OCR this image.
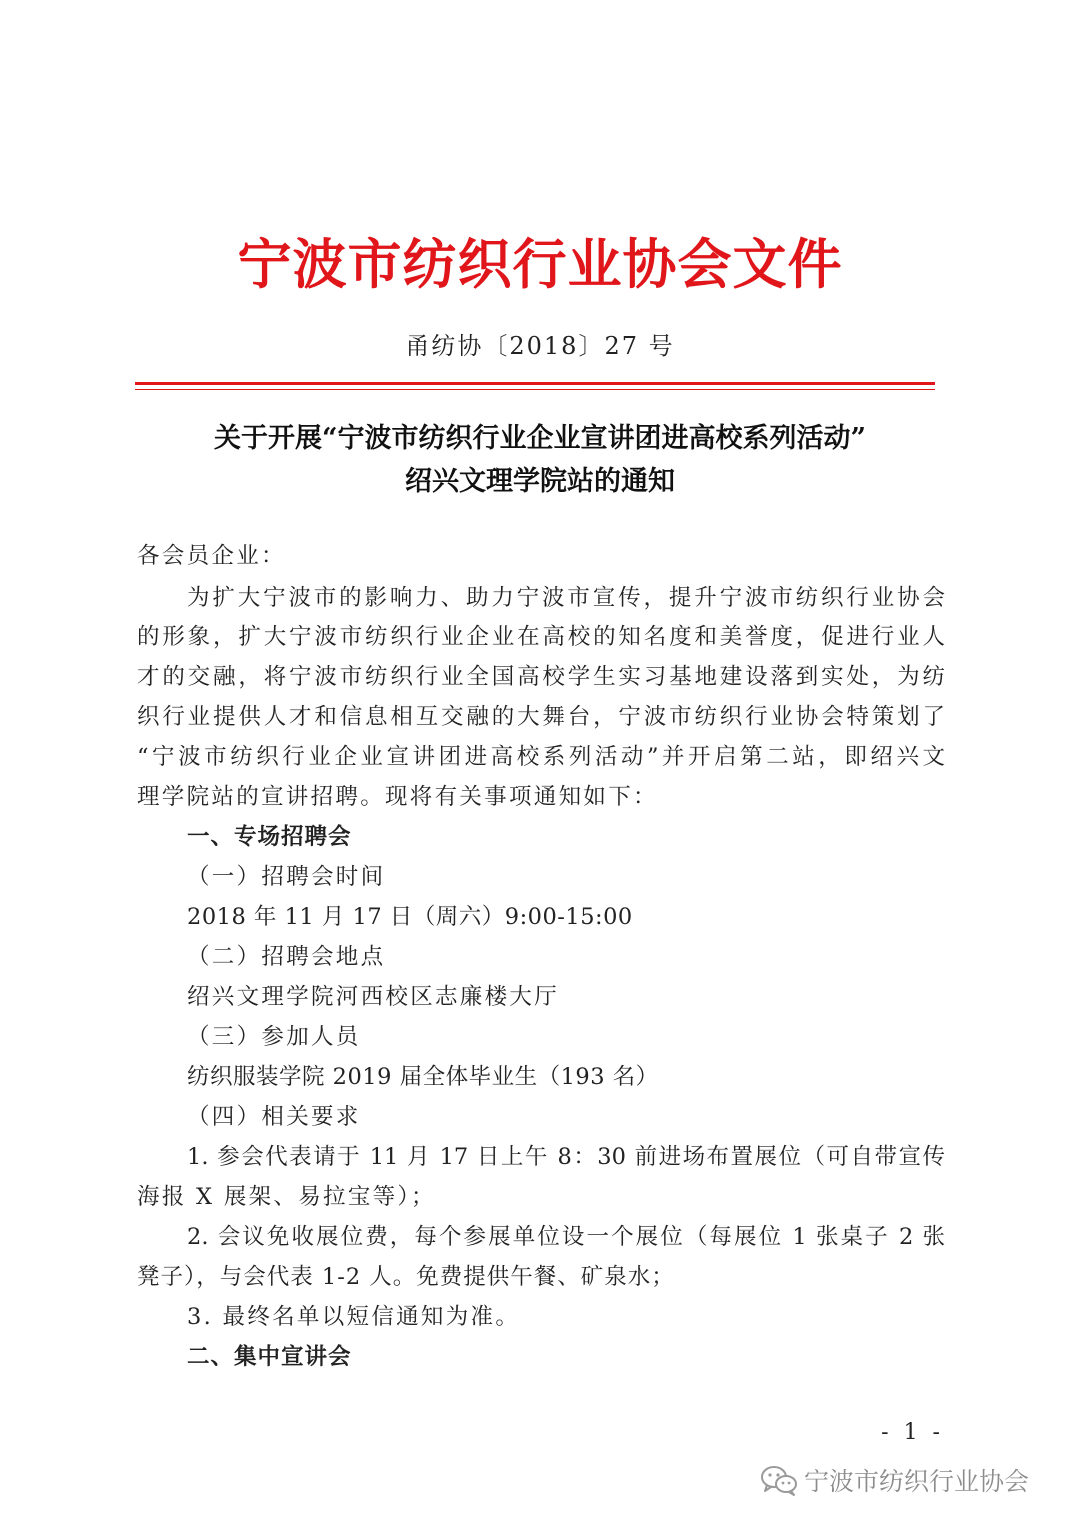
宁波市纺织行业协会文件
甬纺协〔2018〕27 号
关于开展“宁波市纺织行业企业宣讲团进高校系列活动”
绍兴文理学院站的通知
各会员企业：
为扩大宁波市的影响力、助力宁波市宣传，提升宁波市纺织行业协会
的形象，扩大宁波市纺织行业企业在高校的知名度和美誉度，促进行业人
才的交融，将宁波市纺织行业全国高校学生实习基地建设落到实处，为纺
织行业提供人才和信息相互交融的大舞台，宁波市纺织行业协会特策划了
“宁波市纺织行业企业宣讲团进高校系列活动”并开启第二站，即绍兴文
理学院站的宣讲招聘。现将有关事项通知如下：
一、专场招聘会
（一）招聘会时间
2018 年 11 月 17 日（周六）9:00-15:00
（二）招聘会地点
绍兴文理学院河西校区志廉楼大厅
（三）参加人员
纺织服装学院 2019 届全体毕业生（193 名）
（四）相关要求
1. 参会代表请于 11 月 17 日上午 8：30 前进场布置展位（可自带宣传
海报 X 展架、易拉宝等）；
2. 会议免收展位费，每个参展单位设一个展位（每展位 1 张桌子 2 张
凳子），与会代表 1-2 人。免费提供午餐、矿泉水；
3. 最终名单以短信通知为准。
二、集中宣讲会
- 1 -
宁波市纺织行业协会
